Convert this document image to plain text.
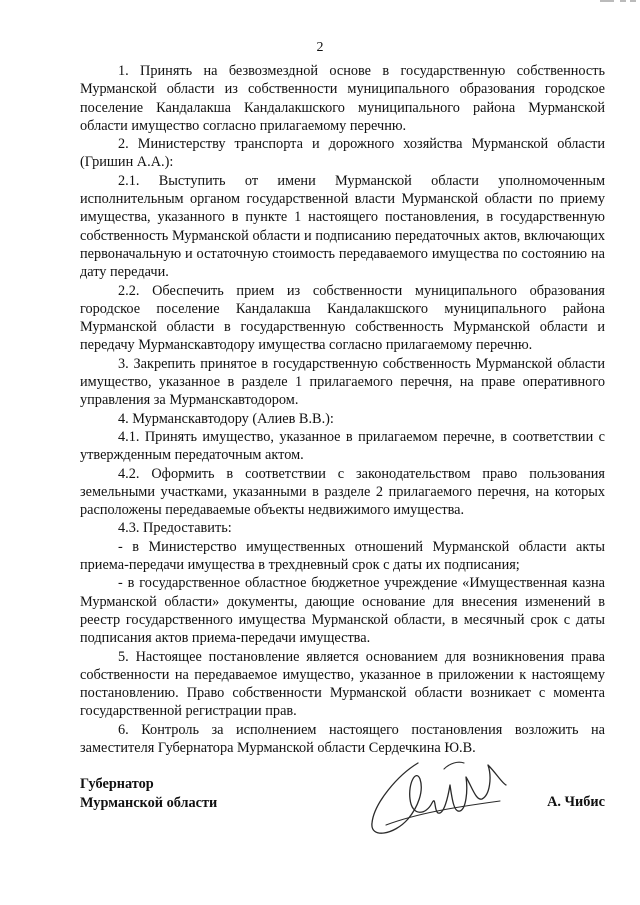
2

1. Принять на безвозмездной основе в государственную собственность Мурманской области из собственности муниципального образования городское поселение Кандалакша Кандалакшского муниципального района Мурманской области имущество согласно прилагаемому перечню.

2. Министерству транспорта и дорожного хозяйства Мурманской области (Гришин А.А.):

2.1. Выступить от имени Мурманской области уполномоченным исполнительным органом государственной власти Мурманской области по приему имущества, указанного в пункте 1 настоящего постановления, в государственную собственность Мурманской области и подписанию передаточных актов, включающих первоначальную и остаточную стоимость передаваемого имущества по состоянию на дату передачи.

2.2. Обеспечить прием из собственности муниципального образования городское поселение Кандалакша Кандалакшского муниципального района Мурманской области в государственную собственность Мурманской области и передачу Мурманскавтодору имущества согласно прилагаемому перечню.

3. Закрепить принятое в государственную собственность Мурманской области имущество, указанное в разделе 1 прилагаемого перечня, на праве оперативного управления за Мурманскавтодором.

4. Мурманскавтодору (Алиев В.В.):

4.1. Принять имущество, указанное в прилагаемом перечне, в соответствии с утвержденным передаточным актом.

4.2. Оформить в соответствии с законодательством право пользования земельными участками, указанными в разделе 2 прилагаемого перечня, на которых расположены передаваемые объекты недвижимого имущества.

4.3. Предоставить:

- в Министерство имущественных отношений Мурманской области акты приема-передачи имущества в трехдневный срок с даты их подписания;

- в государственное областное бюджетное учреждение «Имущественная казна Мурманской области» документы, дающие основание для внесения изменений в реестр государственного имущества Мурманской области, в месячный срок с даты подписания актов приема-передачи имущества.

5. Настоящее постановление является основанием для возникновения права собственности на передаваемое имущество, указанное в приложении к настоящему постановлению. Право собственности Мурманской области возникает с момента государственной регистрации прав.

6. Контроль за исполнением настоящего постановления возложить на заместителя Губернатора Мурманской области Сердечкина Ю.В.

Губернатор
Мурманской области	А. Чибис
